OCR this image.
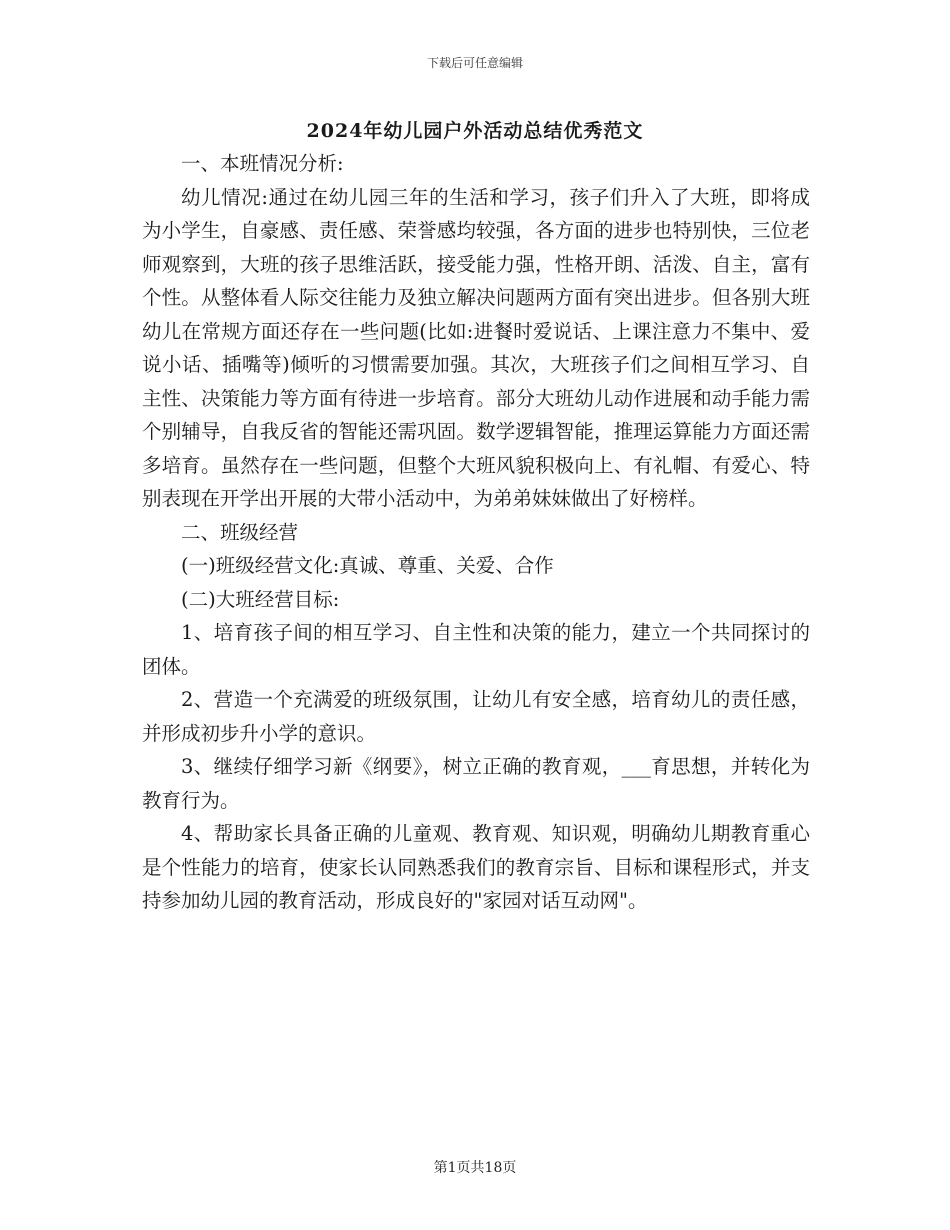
下载后可任意编辑
2024年幼儿园户外活动总结优秀范文

一、本班情况分析:

幼儿情况:通过在幼儿园三年的生活和学习，孩子们升入了大班，即将成为小学生，自豪感、责任感、荣誉感均较强，各方面的进步也特别快，三位老师观察到，大班的孩子思维活跃，接受能力强，性格开朗、活泼、自主，富有个性。从整体看人际交往能力及独立解决问题两方面有突出进步。但各别大班幼儿在常规方面还存在一些问题(比如:进餐时爱说话、上课注意力不集中、爱说小话、插嘴等)倾听的习惯需要加强。其次，大班孩子们之间相互学习、自主性、决策能力等方面有待进一步培育。部分大班幼儿动作进展和动手能力需个别辅导，自我反省的智能还需巩固。数学逻辑智能，推理运算能力方面还需多培育。虽然存在一些问题，但整个大班风貌积极向上、有礼帽、有爱心、特别表现在开学出开展的大带小活动中，为弟弟妹妹做出了好榜样。

二、班级经营

(一)班级经营文化:真诚、尊重、关爱、合作

(二)大班经营目标:

1、培育孩子间的相互学习、自主性和决策的能力，建立一个共同探讨的团体。

2、营造一个充满爱的班级氛围，让幼儿有安全感，培育幼儿的责任感，并形成初步升小学的意识。

3、继续仔细学习新《纲要》，树立正确的教育观，___育思想，并转化为教育行为。

4、帮助家长具备正确的儿童观、教育观、知识观，明确幼儿期教育重心是个性能力的培育，使家长认同熟悉我们的教育宗旨、目标和课程形式，并支持参加幼儿园的教育活动，形成良好的"家园对话互动网"。

第1页共18页
